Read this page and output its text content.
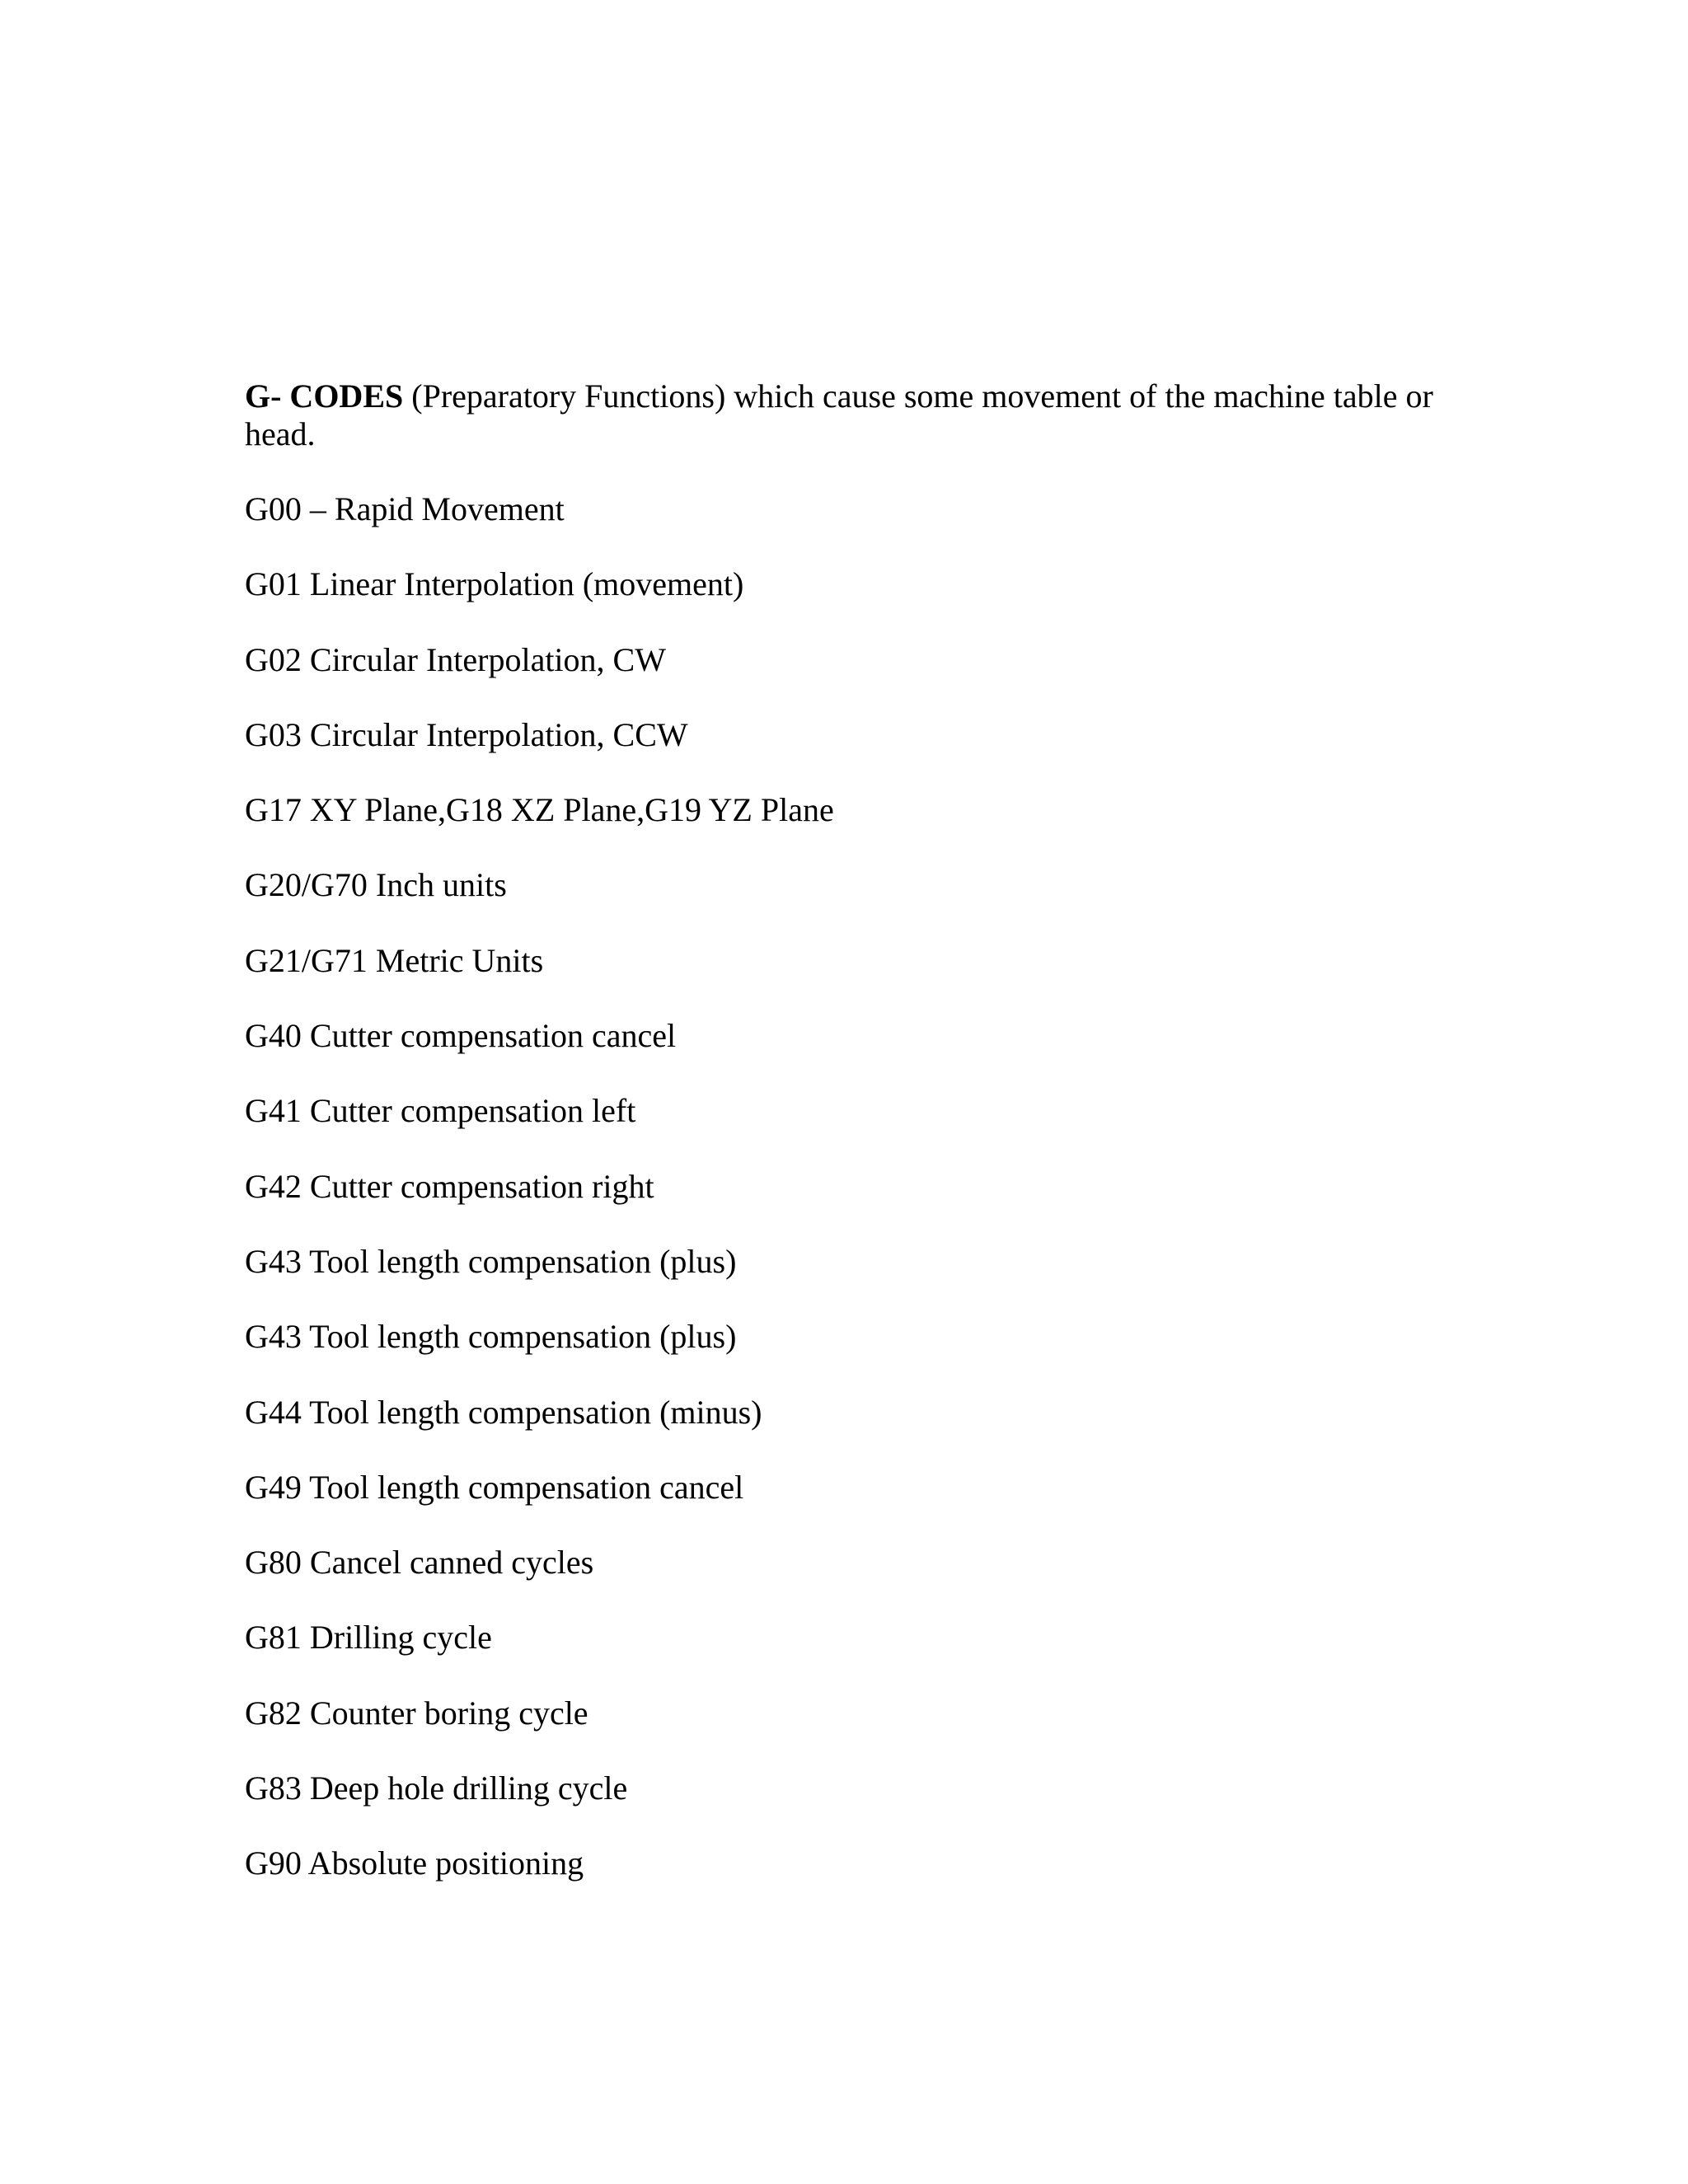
G- CODES (Preparatory Functions) which cause some movement of the machine table or head.

G00 – Rapid Movement
G01 Linear Interpolation (movement)
G02 Circular Interpolation, CW
G03 Circular Interpolation, CCW
G17 XY Plane,G18 XZ Plane,G19 YZ Plane
G20/G70 Inch units
G21/G71 Metric Units
G40 Cutter compensation cancel
G41 Cutter compensation left
G42 Cutter compensation right
G43 Tool length compensation (plus)
G43 Tool length compensation (plus)
G44 Tool length compensation (minus)
G49 Tool length compensation cancel
G80 Cancel canned cycles
G81 Drilling cycle
G82 Counter boring cycle
G83 Deep hole drilling cycle
G90 Absolute positioning
